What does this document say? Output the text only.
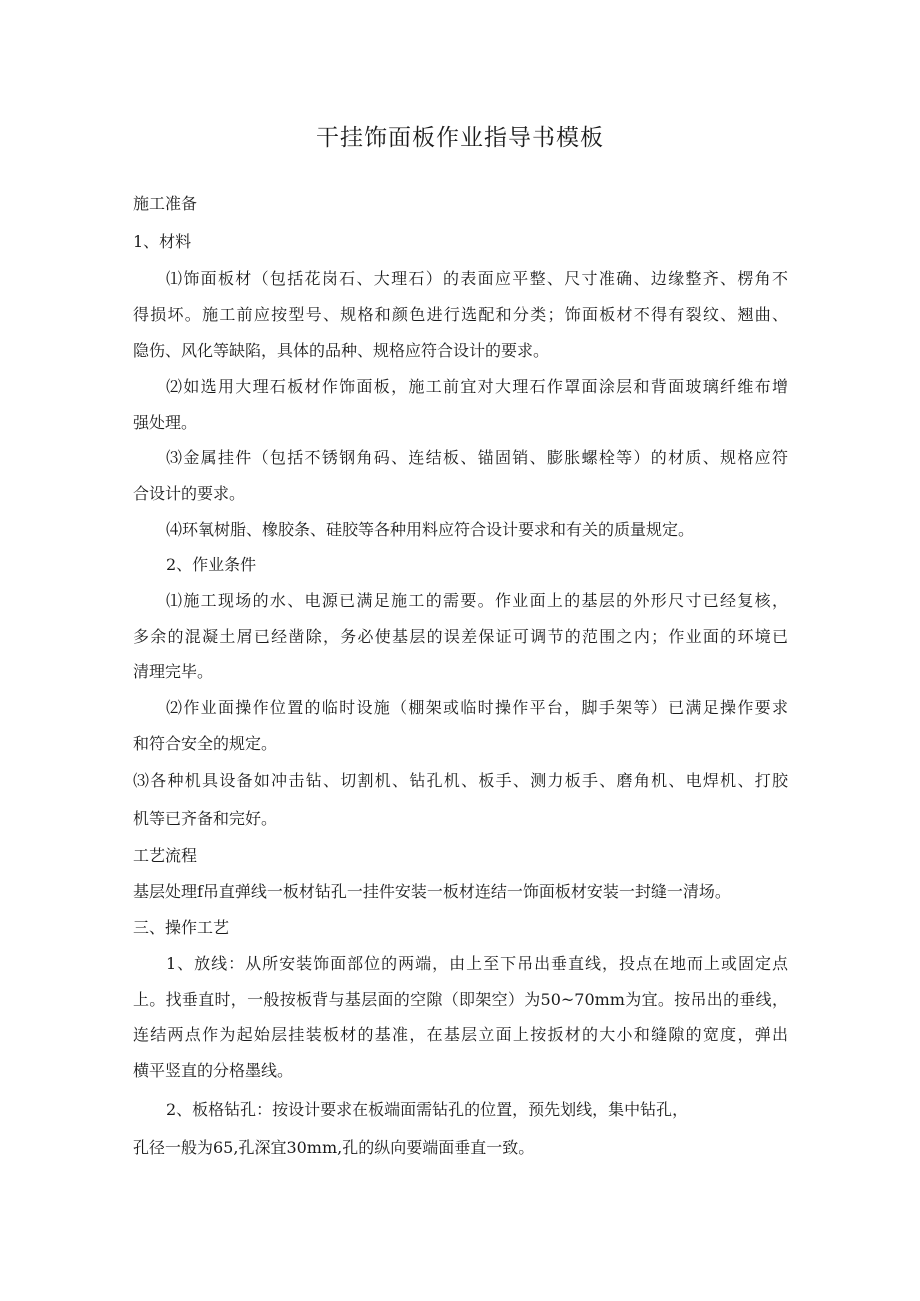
干挂饰面板作业指导书模板
施工准备
1、材料
⑴饰面板材（包括花岗石、大理石）的表面应平整、尺寸准确、边缘整齐、楞角不
得损坏。施工前应按型号、规格和颜色进行选配和分类；饰面板材不得有裂纹、翘曲、
隐伤、风化等缺陷，具体的品种、规格应符合设计的要求。
⑵如选用大理石板材作饰面板，施工前宜对大理石作罩面涂层和背面玻璃纤维布增
强处理。
⑶金属挂件（包括不锈钢角码、连结板、锚固销、膨胀螺栓等）的材质、规格应符
合设计的要求。
⑷环氧树脂、橡胶条、硅胶等各种用料应符合设计要求和有关的质量规定。
2、作业条件
⑴施工现场的水、电源已满足施工的需要。作业面上的基层的外形尺寸已经复核，
多余的混凝土屑已经凿除，务必使基层的误差保证可调节的范围之内；作业面的环境已
清理完毕。
⑵作业面操作位置的临时设施（棚架或临时操作平台，脚手架等）已满足操作要求
和符合安全的规定。
⑶各种机具设备如冲击钻、切割机、钻孔机、板手、测力板手、磨角机、电焊机、打胶
机等已齐备和完好。
工艺流程
基层处理f吊直弹线一板材钻孔一挂件安装一板材连结一饰面板材安装一封缝一清场。
三、操作工艺
1、放线：从所安装饰面部位的两端，由上至下吊出垂直线，投点在地而上或固定点
上。找垂直时，一般按板背与基层面的空隙（即架空）为50~70mm为宜。按吊出的垂线，
连结两点作为起始层挂装板材的基准，在基层立面上按扳材的大小和缝隙的宽度，弹出
横平竖直的分格墨线。
2、板格钻孔：按设计要求在板端面需钻孔的位置，预先划线，集中钻孔，
孔径一般为65,孔深宜30mm,孔的纵向要端面垂直一致。
